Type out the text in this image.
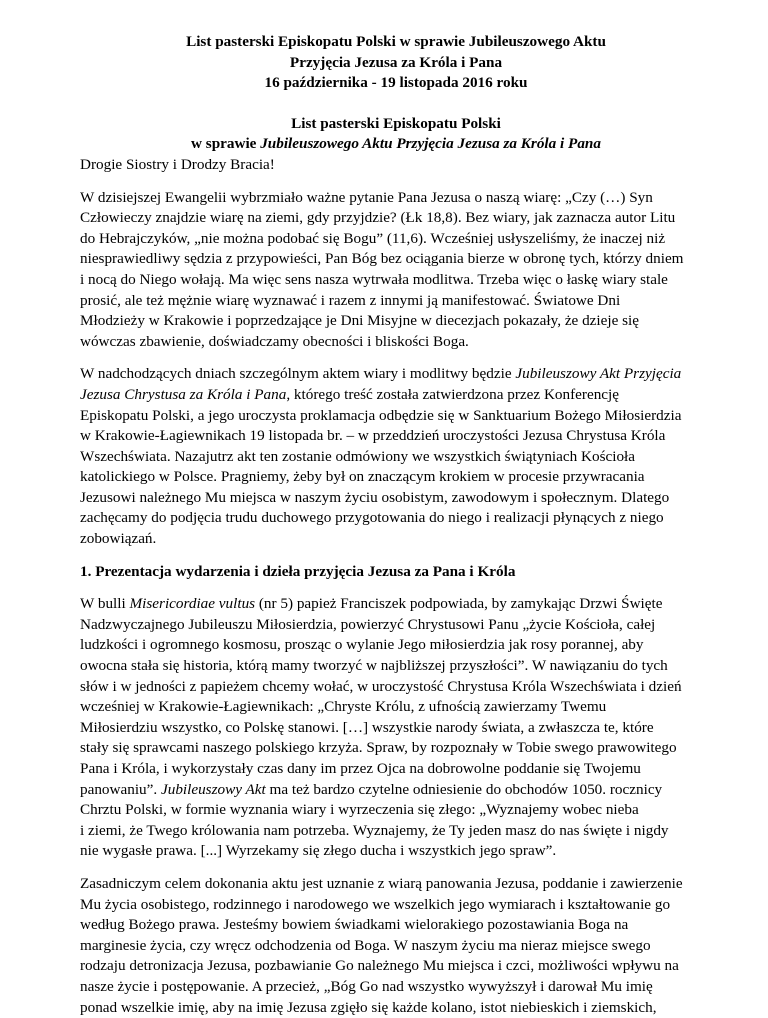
List pasterski Episkopatu Polski w sprawie Jubileuszowego Aktu
Przyjęcia Jezusa za Króla i Pana
16 października - 19 listopada 2016 roku
List pasterski Episkopatu Polski
w sprawie Jubileuszowego Aktu Przyjęcia Jezusa za Króla i Pana
Drogie Siostry i Drodzy Bracia!

W dzisiejszej Ewangelii wybrzmiało ważne pytanie Pana Jezusa o naszą wiarę: „Czy (…) Syn
Człowieczy znajdzie wiarę na ziemi, gdy przyjdzie? (Łk 18,8). Bez wiary, jak zaznacza autor Litu
do Hebrajczyków, „nie można podobać się Bogu” (11,6). Wcześniej usłyszeliśmy, że inaczej niż
niesprawiedliwy sędzia z przypowieści, Pan Bóg bez ociągania bierze w obronę tych, którzy dniem
i nocą do Niego wołają. Ma więc sens nasza wytrwała modlitwa. Trzeba więc o łaskę wiary stale
prosić, ale też mężnie wiarę wyznawać i razem z innymi ją manifestować. Światowe Dni
Młodzieży w Krakowie i poprzedzające je Dni Misyjne w diecezjach pokazały, że dzieje się
wówczas zbawienie, doświadczamy obecności i bliskości Boga.

W nadchodzących dniach szczególnym aktem wiary i modlitwy będzie Jubileuszowy Akt Przyjęcia
Jezusa Chrystusa za Króla i Pana, którego treść została zatwierdzona przez Konferencję
Episkopatu Polski, a jego uroczysta proklamacja odbędzie się w Sanktuarium Bożego Miłosierdzia
w Krakowie-Łagiewnikach 19 listopada br. – w przeddzień uroczystości Jezusa Chrystusa Króla
Wszechświata. Nazajutrz akt ten zostanie odmówiony we wszystkich świątyniach Kościoła
katolickiego w Polsce. Pragniemy, żeby był on znaczącym krokiem w procesie przywracania
Jezusowi należnego Mu miejsca w naszym życiu osobistym, zawodowym i społecznym. Dlatego
zachęcamy do podjęcia trudu duchowego przygotowania do niego i realizacji płynących z niego
zobowiązań.

1. Prezentacja wydarzenia i dzieła przyjęcia Jezusa za Pana i Króla

W bulli Misericordiae vultus (nr 5) papież Franciszek podpowiada, by zamykając Drzwi Święte
Nadzwyczajnego Jubileuszu Miłosierdzia, powierzyć Chrystusowi Panu „życie Kościoła, całej
ludzkości i ogromnego kosmosu, prosząc o wylanie Jego miłosierdzia jak rosy porannej, aby
owocna stała się historia, którą mamy tworzyć w najbliższej przyszłości”. W nawiązaniu do tych
słów i w jedności z papieżem chcemy wołać, w uroczystość Chrystusa Króla Wszechświata i dzień
wcześniej w Krakowie-Łagiewnikach: „Chryste Królu, z ufnością zawierzamy Twemu
Miłosierdziu wszystko, co Polskę stanowi. […] wszystkie narody świata, a zwłaszcza te, które
stały się sprawcami naszego polskiego krzyża. Spraw, by rozpoznały w Tobie swego prawowitego
Pana i Króla, i wykorzystały czas dany im przez Ojca na dobrowolne poddanie się Twojemu
panowaniu”. Jubileuszowy Akt ma też bardzo czytelne odniesienie do obchodów 1050. rocznicy
Chrztu Polski, w formie wyznania wiary i wyrzeczenia się złego: „Wyznajemy wobec nieba
i ziemi, że Twego królowania nam potrzeba. Wyznajemy, że Ty jeden masz do nas święte i nigdy
nie wygasłe prawa. [...] Wyrzekamy się złego ducha i wszystkich jego spraw”.

Zasadniczym celem dokonania aktu jest uznanie z wiarą panowania Jezusa, poddanie i zawierzenie
Mu życia osobistego, rodzinnego i narodowego we wszelkich jego wymiarach i kształtowanie go
według Bożego prawa. Jesteśmy bowiem świadkami wielorakiego pozostawiania Boga na
marginesie życia, czy wręcz odchodzenia od Boga. W naszym życiu ma nieraz miejsce swego
rodzaju detronizacja Jezusa, pozbawianie Go należnego Mu miejsca i czci, możliwości wpływu na
nasze życie i postępowanie. A przecież, „Bóg Go nad wszystko wywyższył i darował Mu imię
ponad wszelkie imię, aby na imię Jezusa zgięło się każde kolano, istot niebieskich i ziemskich,
